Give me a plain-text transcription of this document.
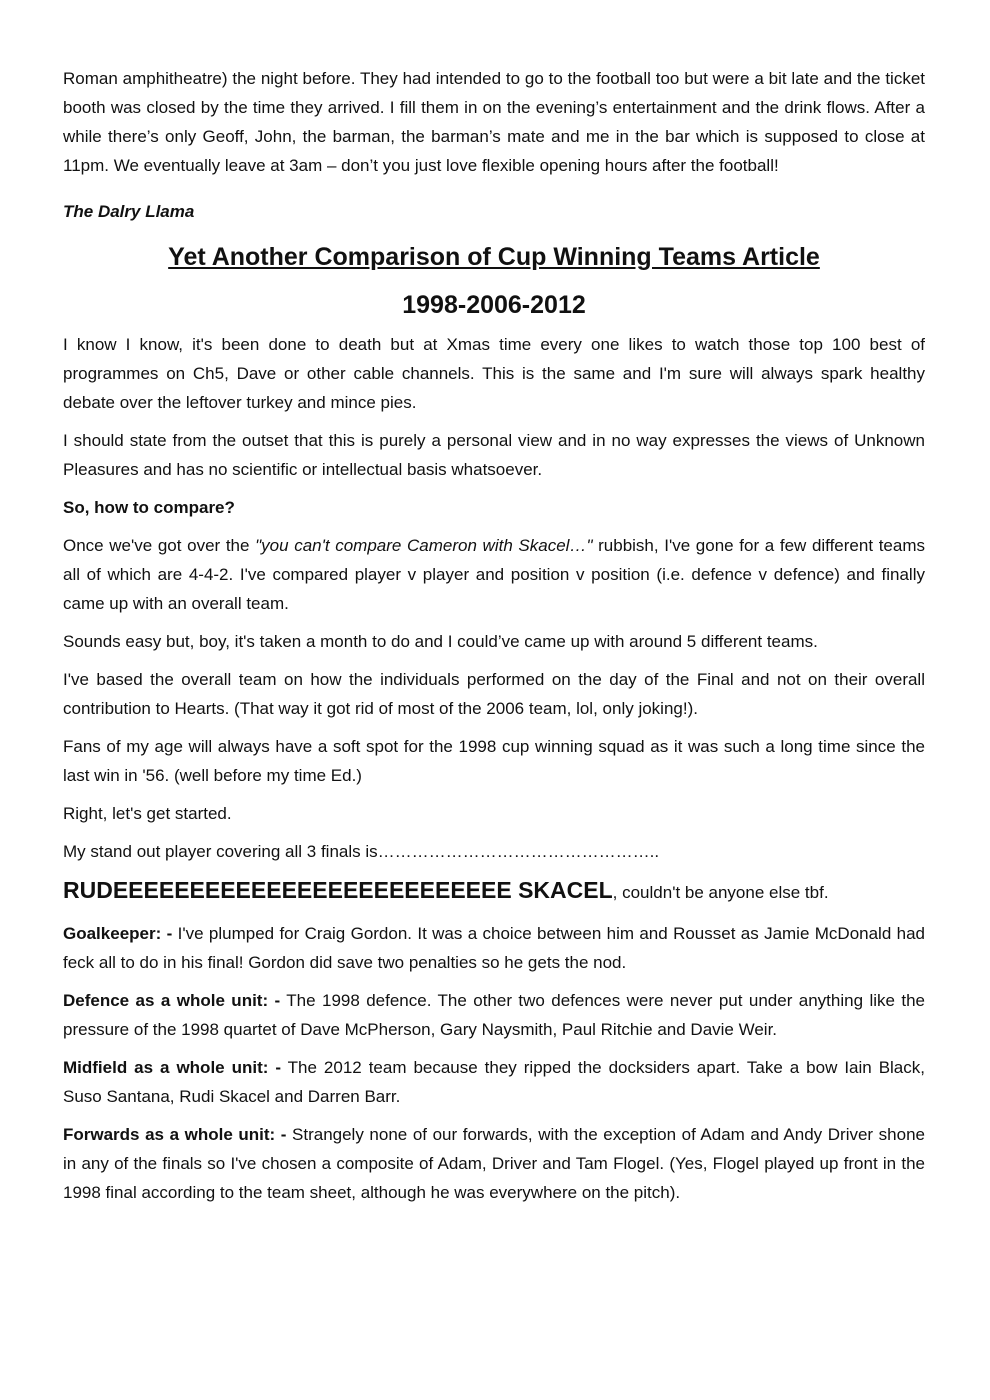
Roman amphitheatre) the night before. They had intended to go to the football too but were a bit late and the ticket booth was closed by the time they arrived. I fill them in on the evening’s entertainment and the drink flows. After a while there’s only Geoff, John, the barman, the barman’s mate and me in the bar which is supposed to close at 11pm. We eventually leave at 3am – don’t you just love flexible opening hours after the football!

The Dalry Llama

Yet Another Comparison of Cup Winning Teams Article
1998-2006-2012

I know I know, it's been done to death but at Xmas time every one likes to watch those top 100 best of programmes on Ch5, Dave or other cable channels. This is the same and I'm sure will always spark healthy debate over the leftover turkey and mince pies.

I should state from the outset that this is purely a personal view and in no way expresses the views of Unknown Pleasures and has no scientific or intellectual basis whatsoever.

So, how to compare?

Once we've got over the "you can't compare Cameron with Skacel…" rubbish, I've gone for a few different teams all of which are 4-4-2. I've compared player v player and position v position (i.e. defence v defence) and finally came up with an overall team.

Sounds easy but, boy, it's taken a month to do and I could’ve came up with around 5 different teams.

I've based the overall team on how the individuals performed on the day of the Final and not on their overall contribution to Hearts. (That way it got rid of most of the 2006 team, lol, only joking!).

Fans of my age will always have a soft spot for the 1998 cup winning squad as it was such a long time since the last win in '56. (well before my time Ed.)

Right, let's get started.

My stand out player covering all 3 finals is…………………………………………..

RUDEEEEEEEEEEEEEEEEEEEEEEEEEE SKACEL, couldn't be anyone else tbf.

Goalkeeper: - I've plumped for Craig Gordon. It was a choice between him and Rousset as Jamie McDonald had feck all to do in his final! Gordon did save two penalties so he gets the nod.

Defence as a whole unit: - The 1998 defence. The other two defences were never put under anything like the pressure of the 1998 quartet of Dave McPherson, Gary Naysmith, Paul Ritchie and Davie Weir.

Midfield as a whole unit: - The 2012 team because they ripped the docksiders apart. Take a bow Iain Black, Suso Santana, Rudi Skacel and Darren Barr.

Forwards as a whole unit: - Strangely none of our forwards, with the exception of Adam and Andy Driver shone in any of the finals so I've chosen a composite of Adam, Driver and Tam Flogel. (Yes, Flogel played up front in the 1998 final according to the team sheet, although he was everywhere on the pitch).
